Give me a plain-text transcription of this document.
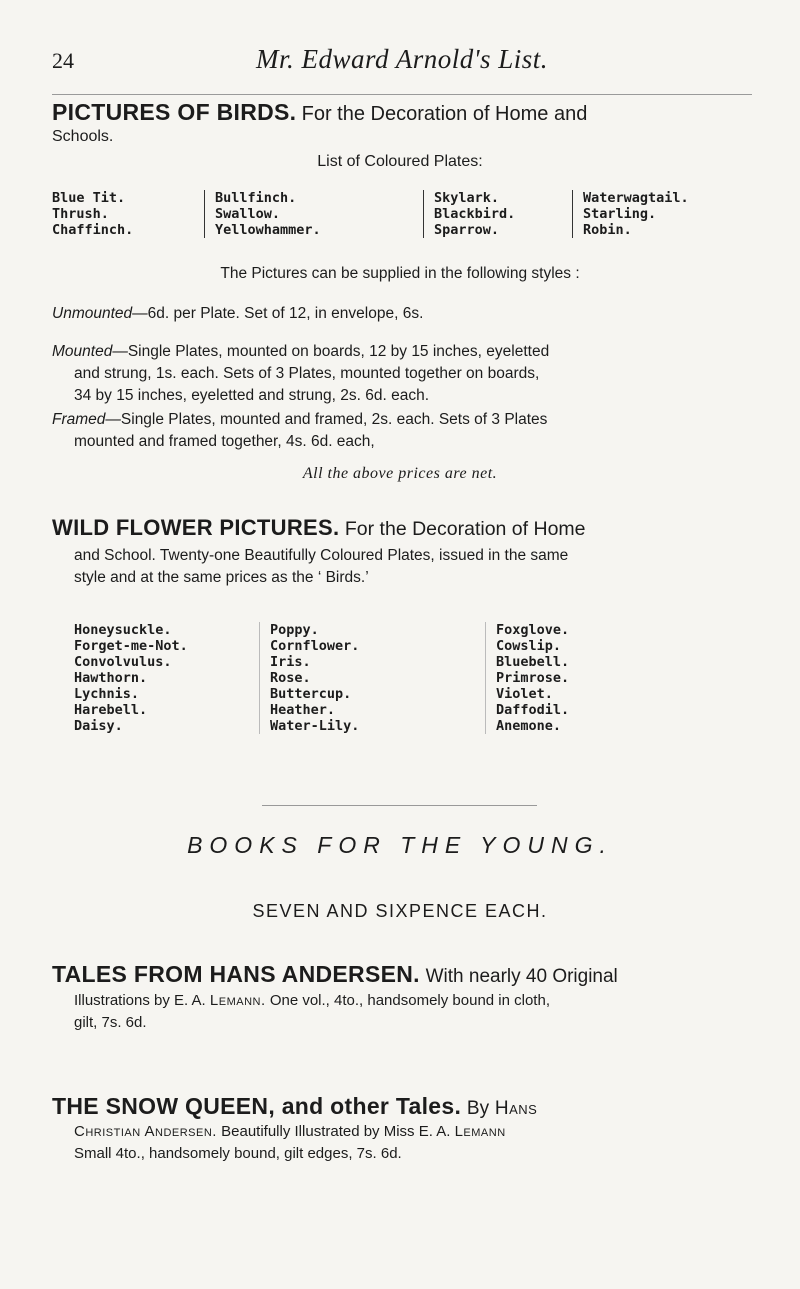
24	Mr. Edward Arnold's List.
PICTURES OF BIRDS. For the Decoration of Home and
Schools.
List of Coloured Plates:
Blue Tit.
Thrush.
Chaffinch.
Bullfinch.
Swallow.
Yellowhammer.
Skylark.
Blackbird.
Sparrow.
Waterwagtail.
Starling.
Robin.
The Pictures can be supplied in the following styles :
Unmounted—6d. per Plate. Set of 12, in envelope, 6s.
Mounted—Single Plates, mounted on boards, 12 by 15 inches, eyeletted
and strung, 1s. each. Sets of 3 Plates, mounted together on boards,
34 by 15 inches, eyeletted and strung, 2s. 6d. each.
Framed—Single Plates, mounted and framed, 2s. each. Sets of 3 Plates
mounted and framed together, 4s. 6d. each,
All the above prices are net.
WILD FLOWER PICTURES. For the Decoration of Home
and School. Twenty-one Beautifully Coloured Plates, issued in the same
style and at the same prices as the ‘ Birds.’
Honeysuckle.
Forget-me-Not.
Convolvulus.
Hawthorn.
Lychnis.
Harebell.
Daisy.
Poppy.
Cornflower.
Iris.
Rose.
Buttercup.
Heather.
Water-Lily.
Foxglove.
Cowslip.
Bluebell.
Primrose.
Violet.
Daffodil.
Anemone.
BOOKS FOR THE YOUNG.
SEVEN AND SIXPENCE EACH.
TALES FROM HANS ANDERSEN. With nearly 40 Original
Illustrations by E. A. Lemann. One vol., 4to., handsomely bound in cloth,
gilt, 7s. 6d.
THE SNOW QUEEN, and other Tales. By Hans
Christian Andersen. Beautifully Illustrated by Miss E. A. Lemann
Small 4to., handsomely bound, gilt edges, 7s. 6d.
